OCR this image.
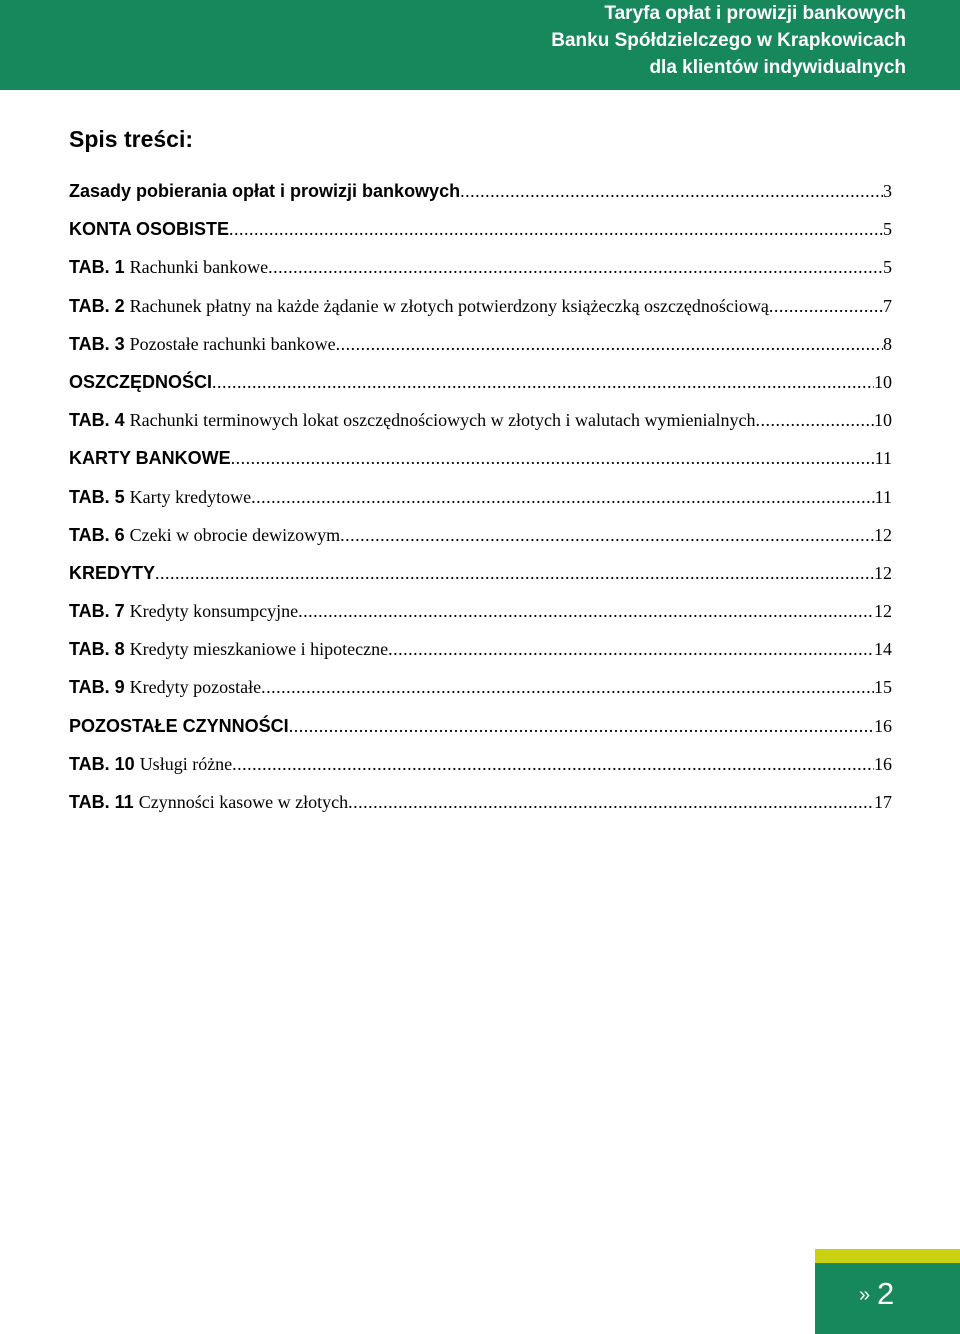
Taryfa opłat i prowizji bankowych
Banku Spółdzielczego w Krapkowicach
dla klientów indywidualnych
Spis treści:
Zasady pobierania opłat i prowizji bankowych .....	3
KONTA OSOBISTE .....	5
TAB. 1 Rachunki bankowe .....	5
TAB. 2 Rachunek płatny na każde żądanie w złotych potwierdzony książeczką oszczędnościową .....	7
TAB. 3 Pozostałe rachunki bankowe .....	8
OSZCZĘDNOŚCI .....	10
TAB. 4 Rachunki terminowych lokat oszczędnościowych w złotych i walutach wymienialnych .....	10
KARTY BANKOWE .....	11
TAB. 5 Karty kredytowe .....	11
TAB. 6 Czeki w obrocie dewizowym .....	12
KREDYTY .....	12
TAB. 7 Kredyty konsumpcyjne .....	12
TAB. 8 Kredyty mieszkaniowe i hipoteczne .....	14
TAB. 9 Kredyty pozostałe .....	15
POZOSTAŁE CZYNNOŚCI .....	16
TAB. 10 Usługi różne .....	16
TAB. 11 Czynności kasowe w złotych .....	17
» 2
